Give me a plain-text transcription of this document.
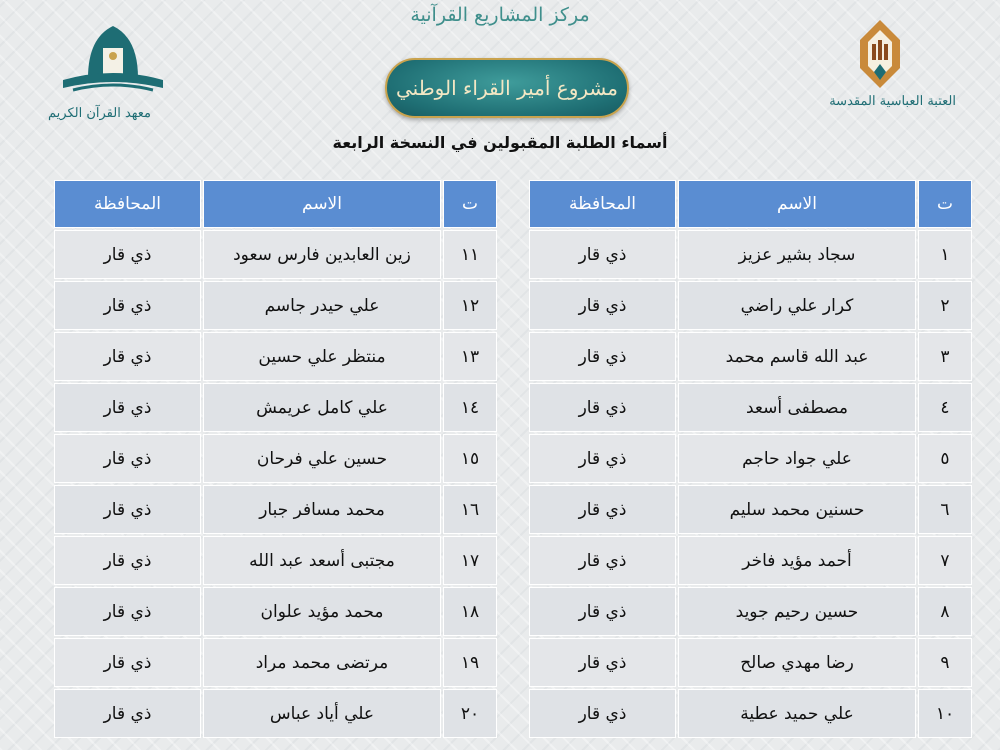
معهد القرآن الكريم
مركز المشاريع القرآنية
مشروع أمير القراء الوطني
العتبة العباسية المقدسة
أسماء الطلبة المقبولين في النسخة الرابعة
ت	الاسم	المحافظة
١	سجاد بشير عزيز	ذي قار
٢	كرار علي راضي	ذي قار
٣	عبد الله قاسم محمد	ذي قار
٤	مصطفى أسعد	ذي قار
٥	علي جواد حاجم	ذي قار
٦	حسنين محمد سليم	ذي قار
٧	أحمد مؤيد فاخر	ذي قار
٨	حسين رحيم جويد	ذي قار
٩	رضا مهدي صالح	ذي قار
١٠	علي حميد عطية	ذي قار
ت	الاسم	المحافظة
١١	زين العابدين فارس سعود	ذي قار
١٢	علي حيدر جاسم	ذي قار
١٣	منتظر علي حسين	ذي قار
١٤	علي كامل عريمش	ذي قار
١٥	حسين علي فرحان	ذي قار
١٦	محمد مسافر جبار	ذي قار
١٧	مجتبى أسعد عبد الله	ذي قار
١٨	محمد مؤيد علوان	ذي قار
١٩	مرتضى محمد مراد	ذي قار
٢٠	علي أياد عباس	ذي قار
